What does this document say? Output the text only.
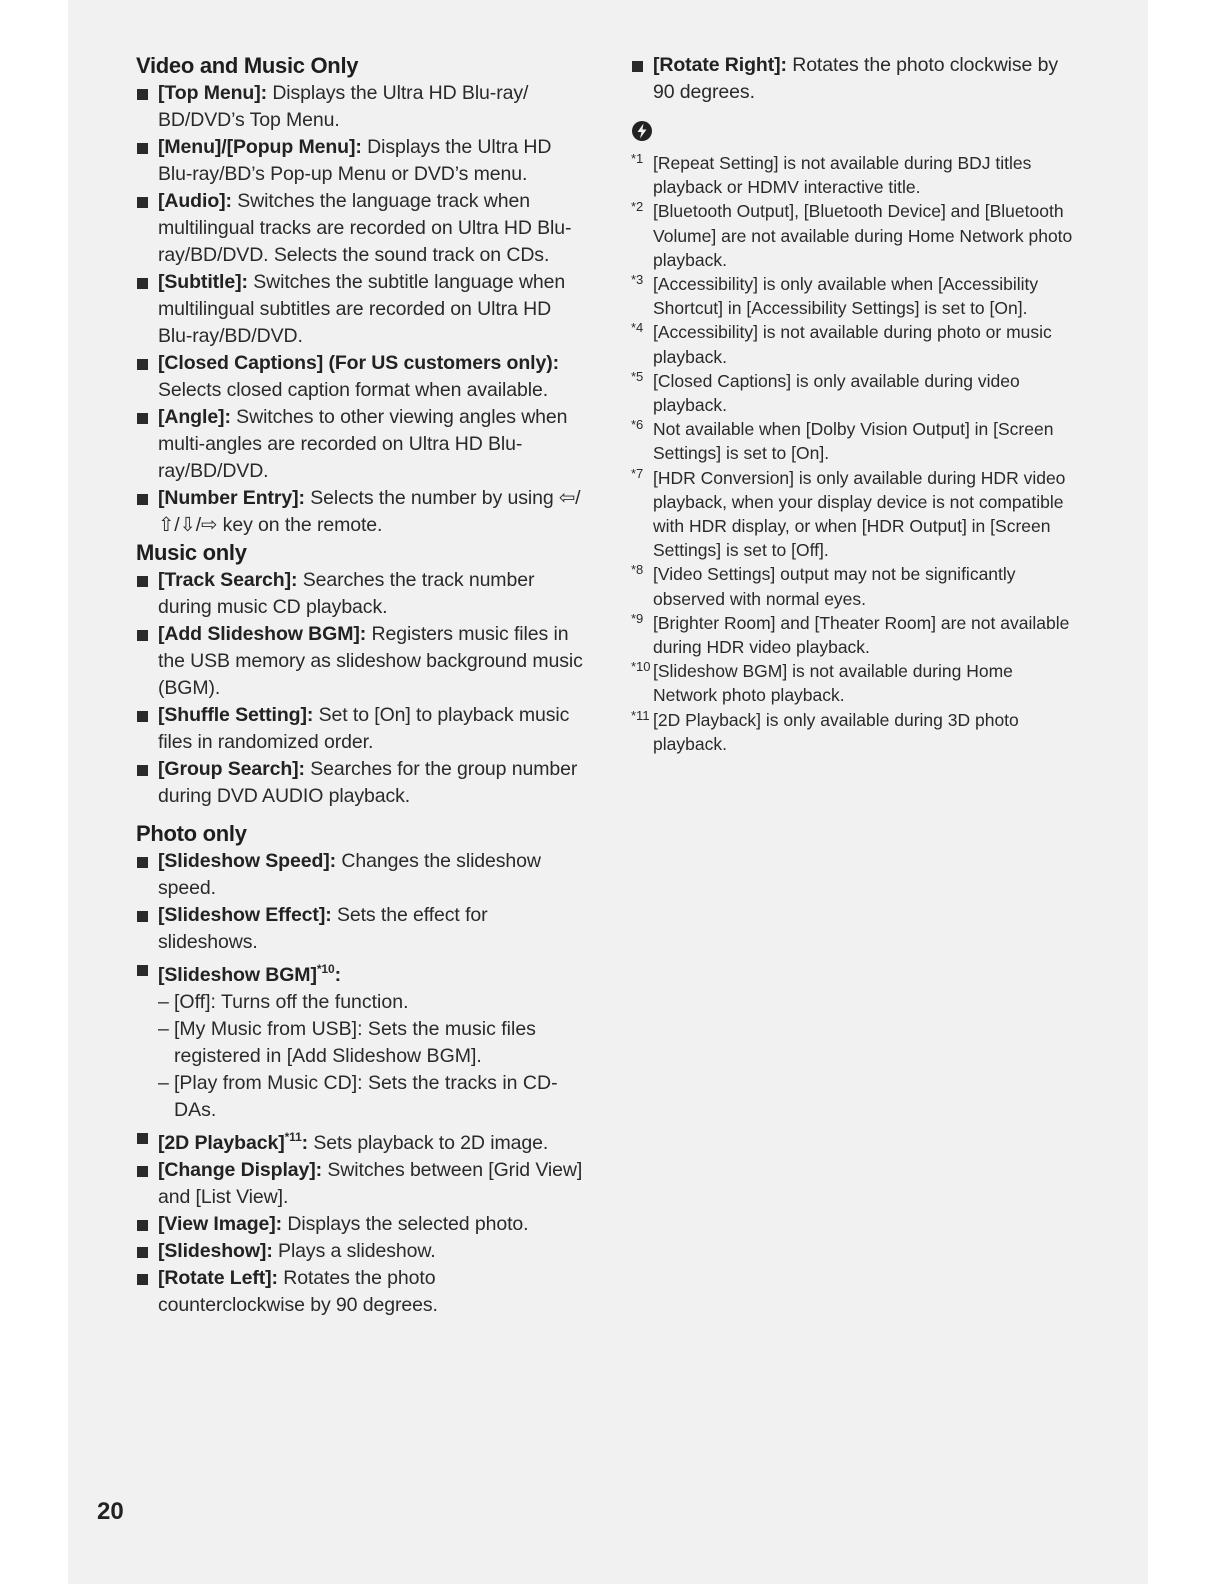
Video and Music Only
[Top Menu]: Displays the Ultra HD Blu-ray/ BD/DVD’s Top Menu.
[Menu]/[Popup Menu]: Displays the Ultra HD Blu-ray/BD’s Pop-up Menu or DVD’s menu.
[Audio]: Switches the language track when multilingual tracks are recorded on Ultra HD Blu-ray/BD/DVD. Selects the sound track on CDs.
[Subtitle]: Switches the subtitle language when multilingual subtitles are recorded on Ultra HD Blu-ray/BD/DVD.
[Closed Captions] (For US customers only): Selects closed caption format when available.
[Angle]: Switches to other viewing angles when multi-angles are recorded on Ultra HD Blu-ray/BD/DVD.
[Number Entry]: Selects the number by using ⇦/⇧/⇩/⇨ key on the remote.
Music only
[Track Search]: Searches the track number during music CD playback.
[Add Slideshow BGM]: Registers music files in the USB memory as slideshow background music (BGM).
[Shuffle Setting]: Set to [On] to playback music files in randomized order.
[Group Search]: Searches for the group number during DVD AUDIO playback.
Photo only
[Slideshow Speed]: Changes the slideshow speed.
[Slideshow Effect]: Sets the effect for slideshows.
[Slideshow BGM]$^{*10}$:
– [Off]: Turns off the function.
– [My Music from USB]: Sets the music files registered in [Add Slideshow BGM].
– [Play from Music CD]: Sets the tracks in CD-DAs.
[2D Playback]$^{*11}$: Sets playback to 2D image.
[Change Display]: Switches between [Grid View] and [List View].
[View Image]: Displays the selected photo.
[Slideshow]: Plays a slideshow.
[Rotate Left]: Rotates the photo counterclockwise by 90 degrees.
[Rotate Right]: Rotates the photo clockwise by 90 degrees.
*1 [Repeat Setting] is not available during BDJ titles playback or HDMV interactive title.
*2 [Bluetooth Output], [Bluetooth Device] and [Bluetooth Volume] are not available during Home Network photo playback.
*3 [Accessibility] is only available when [Accessibility Shortcut] in [Accessibility Settings] is set to [On].
*4 [Accessibility] is not available during photo or music playback.
*5 [Closed Captions] is only available during video playback.
*6 Not available when [Dolby Vision Output] in [Screen Settings] is set to [On].
*7 [HDR Conversion] is only available during HDR video playback, when your display device is not compatible with HDR display, or when [HDR Output] in [Screen Settings] is set to [Off].
*8 [Video Settings] output may not be significantly observed with normal eyes.
*9 [Brighter Room] and [Theater Room] are not available during HDR video playback.
*10 [Slideshow BGM] is not available during Home Network photo playback.
*11 [2D Playback] is only available during 3D photo playback.
20
